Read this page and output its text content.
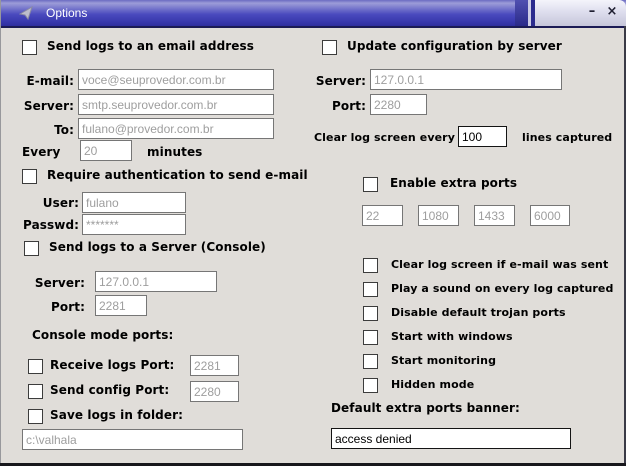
Options	– ×
Send logs to an email address
E-mail:
voce@seuprovedor.com.br
Server:
smtp.seuprovedor.com.br
To:
fulano@provedor.com.br
Every
20	minutes
Require authentication to send e-mail
User:
fulano
Passwd:
*******
Send logs to a Server (Console)
Server:
127.0.0.1
Port:
2281
Console mode ports:
Receive logs Port:
2281
Send config Port:
2280
Save logs in folder:
c:\valhala
Update configuration by server
Server:
127.0.0.1
Port:
2280
Clear log screen every
100	lines captured
Enable extra ports
22
1080
1433
6000
Clear log screen if e-mail was sent
Play a sound on every log captured
Disable default trojan ports
Start with windows
Start monitoring
Hidden mode
Default extra ports banner:
access denied
